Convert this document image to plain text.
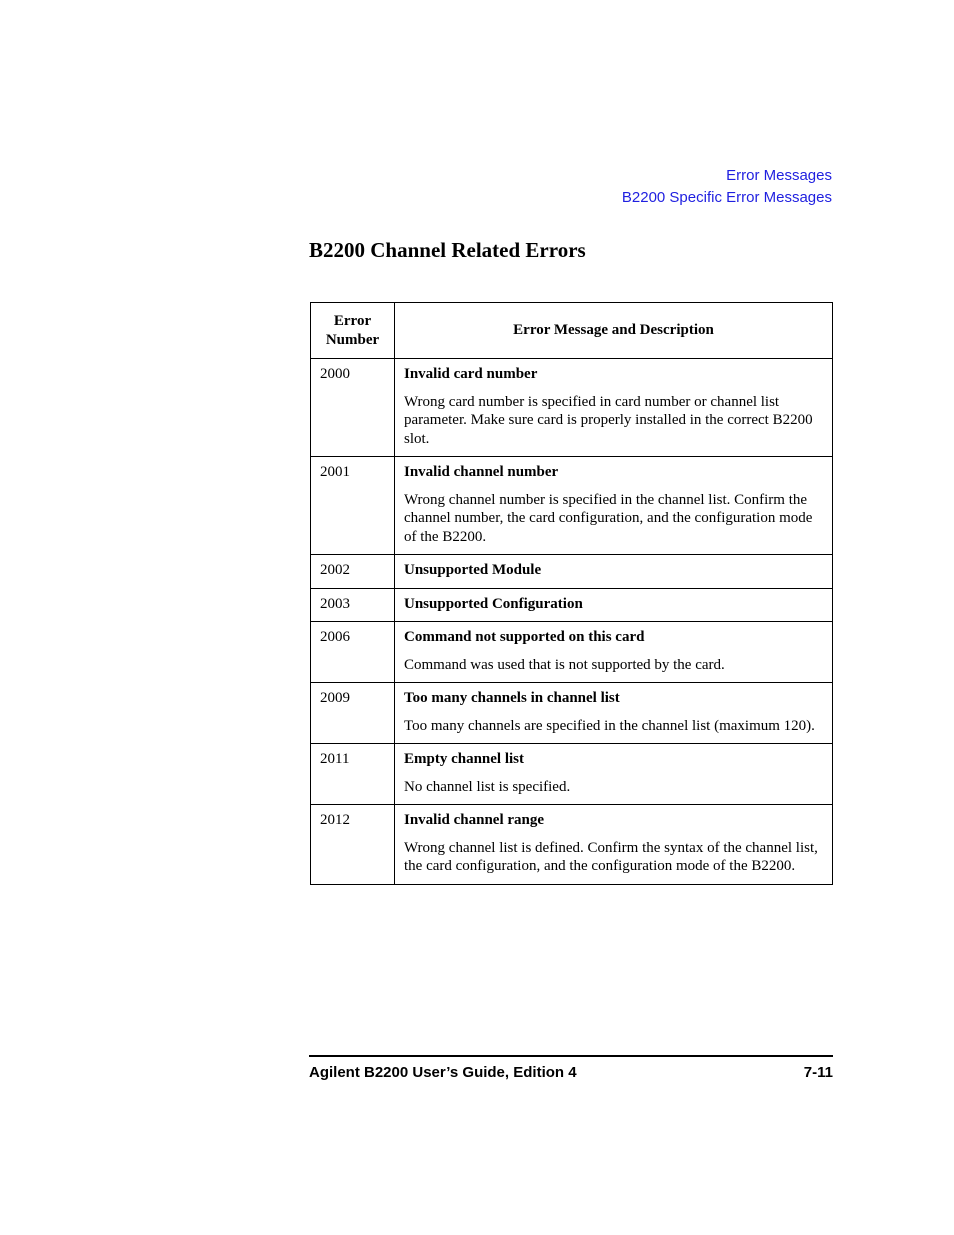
Error Messages
B2200 Specific Error Messages
B2200 Channel Related Errors
Error
Number	Error Message and Description
2000	Invalid card number
Wrong card number is specified in card number or channel list parameter. Make sure card is properly installed in the correct B2200 slot.

2001	Invalid channel number
Wrong channel number is specified in the channel list. Confirm the channel number, the card configuration, and the configuration mode of the B2200.

2002	Unsupported Module

2003	Unsupported Configuration

2006	Command not supported on this card
Command was used that is not supported by the card.

2009	Too many channels in channel list
Too many channels are specified in the channel list (maximum 120).

2011	Empty channel list
No channel list is specified.

2012	Invalid channel range
Wrong channel list is defined. Confirm the syntax of the channel list, the card configuration, and the configuration mode of the B2200.
Agilent B2200 User’s Guide, Edition 4	7-11
